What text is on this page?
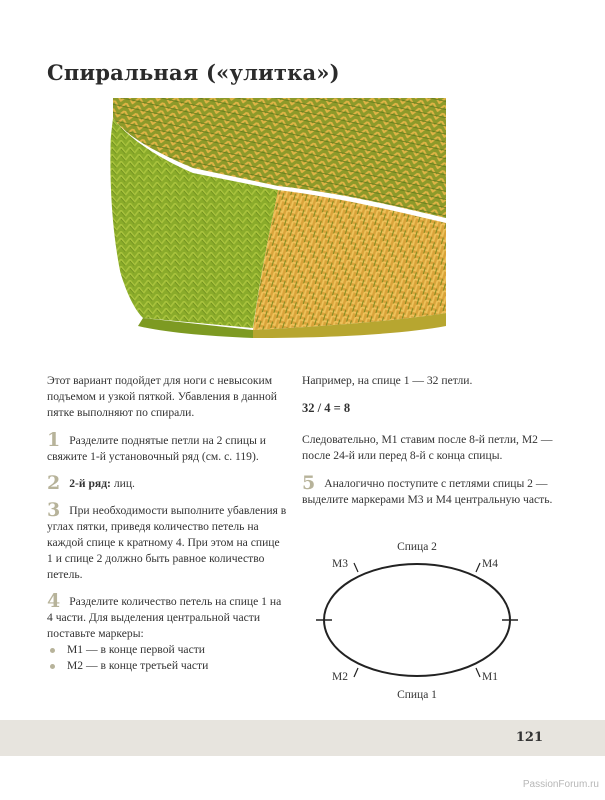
Спиральная («улитка»)

Этот вариант подойдет для ноги с невысоким подъемом и узкой пяткой. Убавления в данной пятке выполняют по спирали.

1 Разделите поднятые петли на 2 спицы и свяжите 1-й установочный ряд (см. с. 119).
2 2-й ряд: лиц.
3 При необходимости выполните убавления в углах пятки, приведя количество петель на каждой спице к кратному 4. При этом на спице 1 и спице 2 должно быть равное количество петель.
4 Разделите количество петель на спице 1 на 4 части. Для выделения центральной части поставьте маркеры:
М1 — в конце первой части
М2 — в конце третьей части

Например, на спице 1 — 32 петли.

32 / 4 = 8

Следовательно, М1 ставим после 8-й петли, М2 — после 24-й или перед 8-й с конца спицы.

5 Аналогично поступите с петлями спицы 2 — выделите маркерами М3 и М4 центральную часть.
Спица 2
Спица 1
М3	М4
М2	М1
121
PassionForum.ru
